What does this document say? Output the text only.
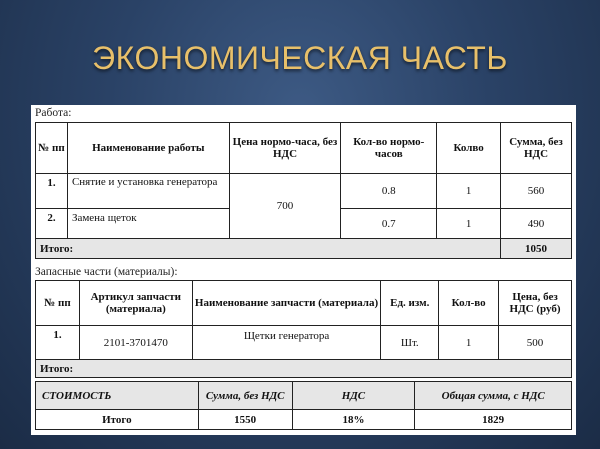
ЭКОНОМИЧЕСКАЯ ЧАСТЬ
Работа:
№ пп	Наименование работы	Цена нормо-часа, без НДС	Кол-во нормо-часов	Колво	Сумма, без НДС
1.	Снятие и установка генератора	700	0.8	1	560
2.	Замена щеток		0.7	1	490
Итого:					1050
Запасные части (материалы):
№ пп	Артикул запчасти (материала)	Наименование запчасти (материала)	Ед. изм.	Кол-во	Цена, без НДС (руб)
1.	2101-3701470	Щетки генератора	Шт.	1	500
Итого:					
СТОИМОСТЬ	Сумма, без НДС	НДС	Общая сумма, с НДС
Итого	1550	18%	1829
